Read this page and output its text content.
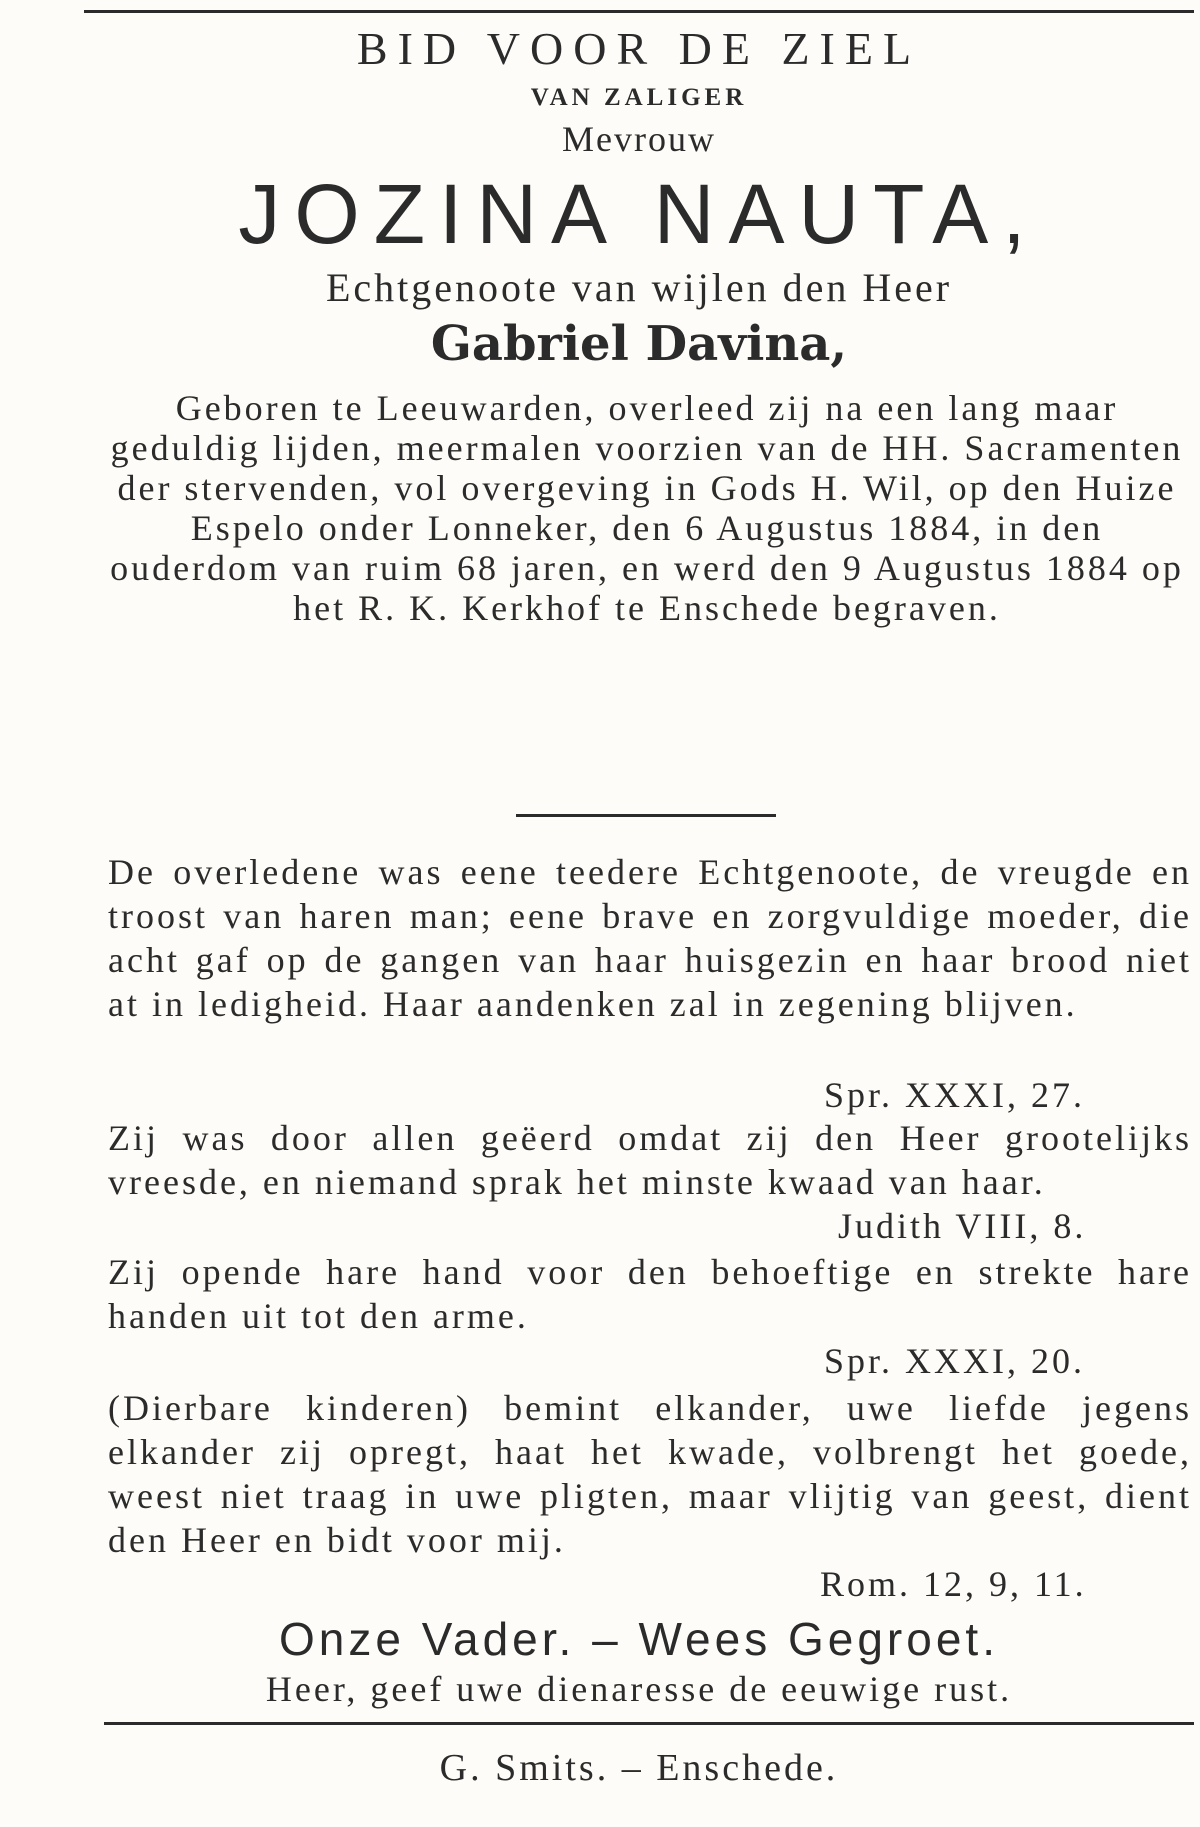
BID VOOR DE ZIEL
VAN ZALIGER
Mevrouw
JOZINA NAUTA,
Echtgenoote van wijlen den Heer
Gabriel Davina,
Geboren te Leeuwarden, overleed zij na een lang maar geduldig lijden, meermalen voorzien van de HH. Sacramenten der stervenden, vol overgeving in Gods H. Wil, op den Huize Espelo onder Lonneker, den 6 Augustus 1884, in den ouderdom van ruim 68 jaren, en werd den 9 Augustus 1884 op het R. K. Kerkhof te Enschede begraven.
De overledene was eene teedere Echtgenoote, de vreugde en troost van haren man; eene brave en zorgvuldige moeder, die acht gaf op de gangen van haar huisgezin en haar brood niet at in ledigheid. Haar aandenken zal in zegening blijven.
Spr. XXXI, 27.
Zij was door allen geëerd omdat zij den Heer grootelijks vreesde, en niemand sprak het minste kwaad van haar.
Judith VIII, 8.
Zij opende hare hand voor den behoeftige en strekte hare handen uit tot den arme.
Spr. XXXI, 20.
(Dierbare kinderen) bemint elkander, uwe liefde jegens elkander zij opregt, haat het kwade, volbrengt het goede, weest niet traag in uwe pligten, maar vlijtig van geest, dient den Heer en bidt voor mij.
Rom. 12, 9, 11.
Onze Vader. – Wees Gegroet.
Heer, geef uwe dienaresse de eeuwige rust.
G. Smits. – Enschede.
